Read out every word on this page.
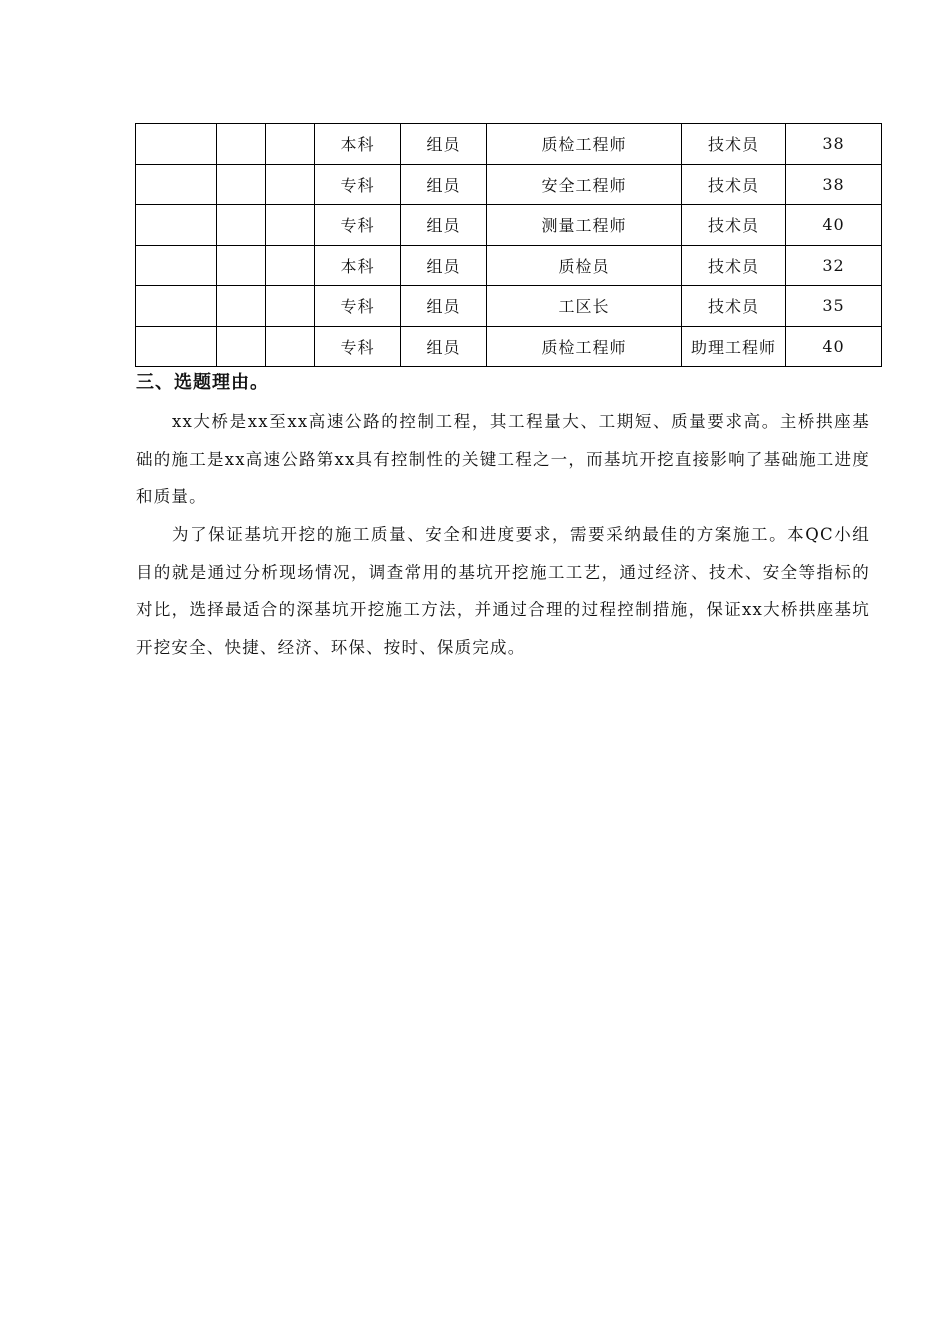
			本科	组员	质检工程师	技术员	38
			专科	组员	安全工程师	技术员	38
			专科	组员	测量工程师	技术员	40
			本科	组员	质检员	技术员	32
			专科	组员	工区长	技术员	35
			专科	组员	质检工程师	助理工程师	40
三、选题理由。

xx大桥是xx至xx高速公路的控制工程，其工程量大、工期短、质量要求高。主桥拱座基础的施工是xx高速公路第xx具有控制性的关键工程之一，而基坑开挖直接影响了基础施工进度和质量。

为了保证基坑开挖的施工质量、安全和进度要求，需要采纳最佳的方案施工。本QC小组目的就是通过分析现场情况，调查常用的基坑开挖施工工艺，通过经济、技术、安全等指标的对比，选择最适合的深基坑开挖施工方法，并通过合理的过程控制措施，保证xx大桥拱座基坑开挖安全、快捷、经济、环保、按时、保质完成。
